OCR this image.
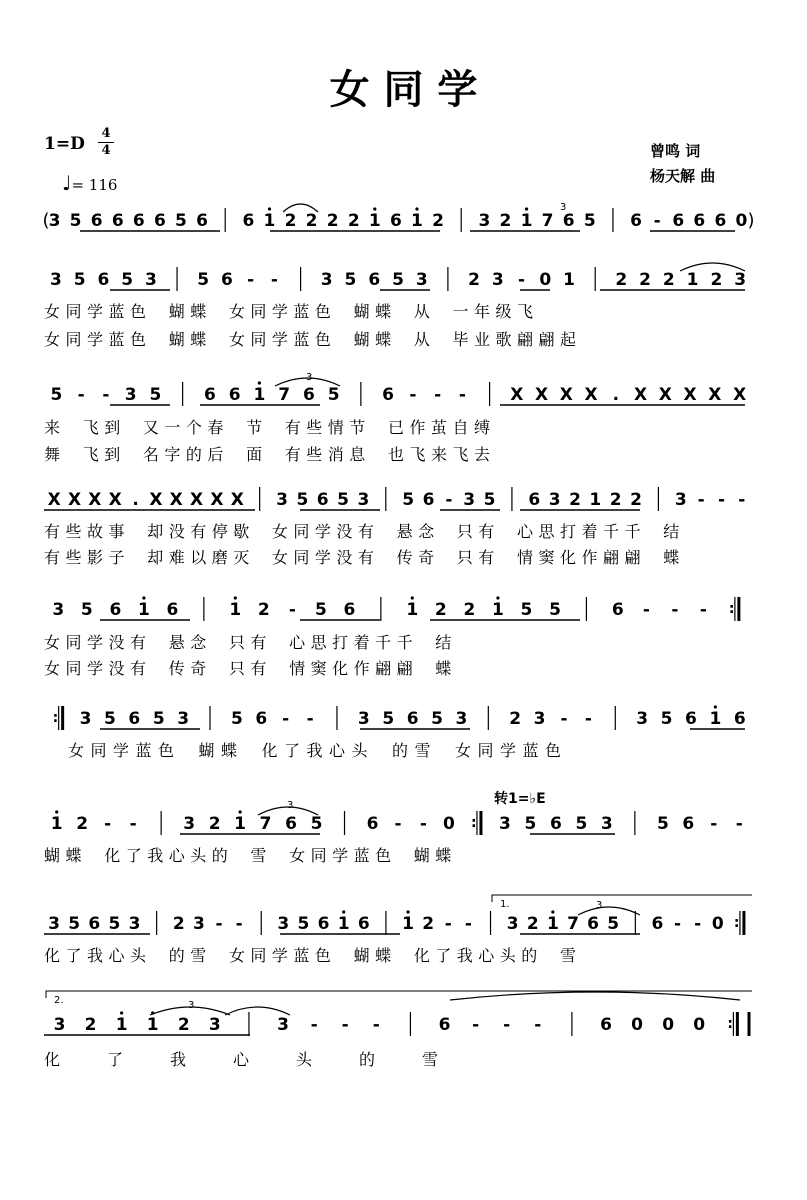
女 同 学
1=D
4
4
♩= 116
曾鸣 词
杨天解 曲
( 3 5 6 6 6 6 5 6 6 1 2 2 2 2 1 6 1 2 3 2 1 7 6 5 6 - 6 6 6 0 )
3 5 6 5 3 5 6 - -	3 5 6 5 3 2 3 - 0 1 2 2 2 1 2 3
女 同 学 蓝 色 蝴 蝶 女 同 学 蓝 色 蝴 蝶 从 一 年 级 飞
女 同 学 蓝 色 蝴 蝶 女 同 学 蓝 色 蝴 蝶 从 毕 业 歌 翩 翩 起
5 - - 3 5	6 6 1 7 6 5	6 - - -	X X X X . X X X X X
来 飞 到 又 一 个 春 节 有 些 情 节 已 作 茧 自 缚
舞 飞 到 名 字 的 后 面 有 些 消 息 也 飞 来 飞 去
X X X X . X X X X X 3 5 6 5 3 5 6 - 3 5 6 3 2 1 2 2 3 - - -
有 些 故 事 却 没 有 停 歇 女 同 学 没 有 悬 念 只 有 心 思 打 着 千 千 结
有 些 影 子 却 难 以 磨 灭 女 同 学 没 有 传 奇 只 有 情 窦 化 作 翩 翩 蝶
3 5 6 1 6	1 2 - 5 6	1 2 2 1 5 5	6 - - - :
女 同 学 没 有 悬 念 只 有 心 思 打 着 千 千 结
女 同 学 没 有 传 奇 只 有 情 窦 化 作 翩 翩 蝶
: 3 5 6 5 3 5 6 - -	3 5 6 5 3 2 3 - -	3 5 6 1 6
女 同 学 蓝 色 蝴 蝶 化 了 我 心 头 的 雪 女 同 学 蓝 色
1 2 - -	3 2 1 7 6 5	6 - - 0 : 3 5 6 5 3	5 6 - -
蝴 蝶 化 了 我 心 头 的 雪 女 同 学 蓝 色 蝴 蝶
3 5 6 5 3 2 3 - - 3 5 6 1 6 1 2 - - 3 2 1 7 6 5 6 - - 0 :
化 了 我 心 头 的 雪 女 同 学 蓝 色 蝴 蝶 化 了 我 心 头 的 雪
3 2 1 1 2 3	3 - - -	6 - - -	6 0 0 0 :
化	了	我	心	头	的	雪
3
3
3
3
3
转1=♭E
1.
2.
